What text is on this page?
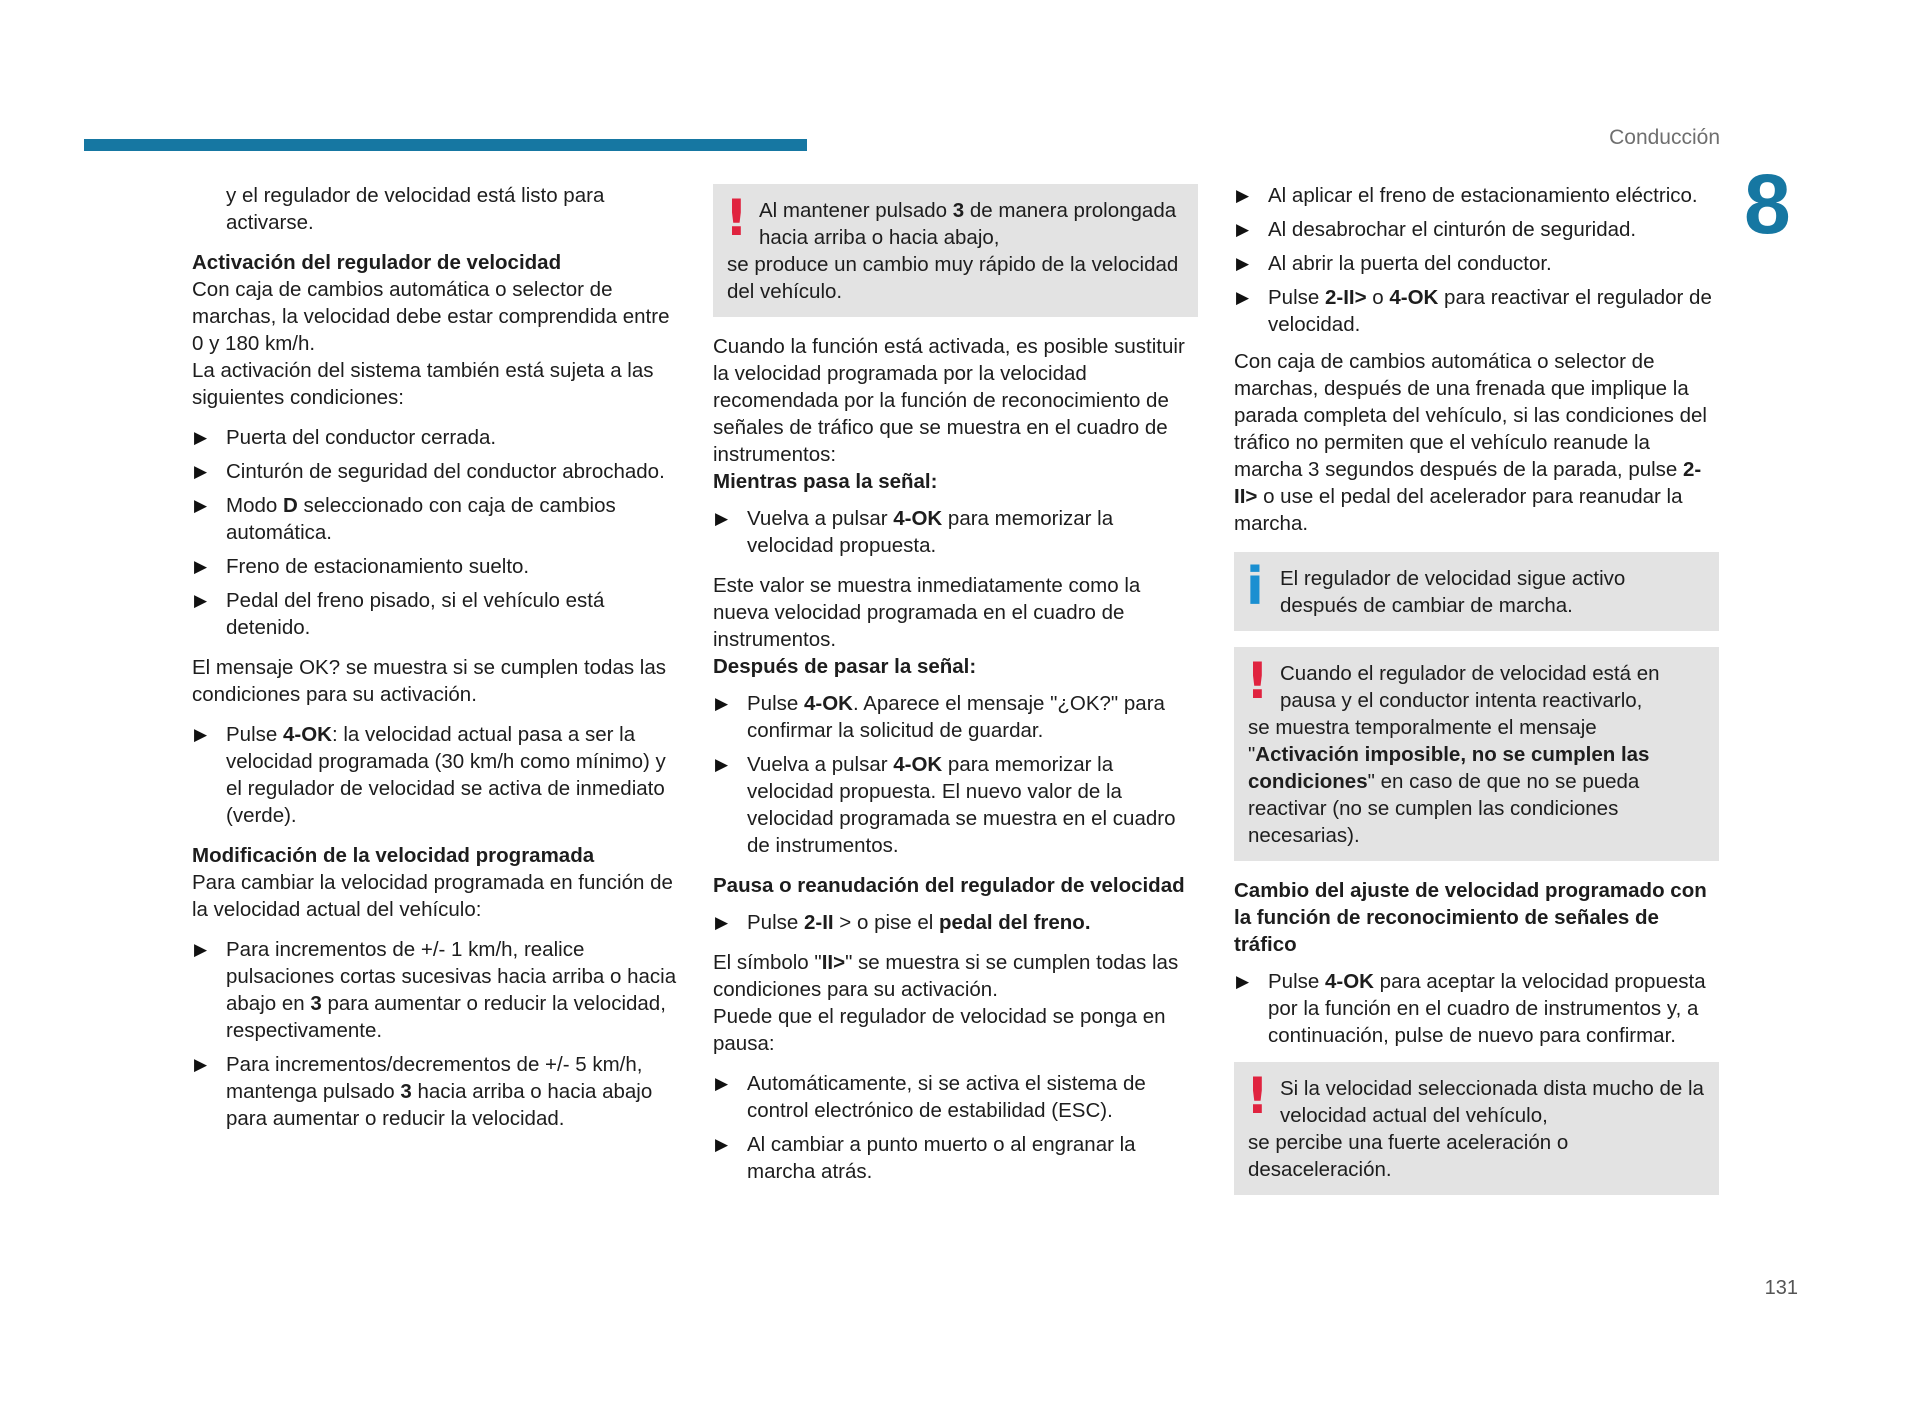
Conducción
8
131

y el regulador de velocidad está listo para activarse.

Activación del regulador de velocidad

Con caja de cambios automática o selector de marchas, la velocidad debe estar comprendida entre 0 y 180 km/h.

La activación del sistema también está sujeta a las siguientes condiciones:

▶ Puerta del conductor cerrada.
▶ Cinturón de seguridad del conductor abrochado.
▶ Modo D seleccionado con caja de cambios automática.
▶ Freno de estacionamiento suelto.
▶ Pedal del freno pisado, si el vehículo está detenido.

El mensaje OK? se muestra si se cumplen todas las condiciones para su activación.

▶ Pulse 4-OK: la velocidad actual pasa a ser la velocidad programada (30 km/h como mínimo) y el regulador de velocidad se activa de inmediato (verde).

Modificación de la velocidad programada

Para cambiar la velocidad programada en función de la velocidad actual del vehículo:

▶ Para incrementos de +/- 1 km/h, realice pulsaciones cortas sucesivas hacia arriba o hacia abajo en 3 para aumentar o reducir la velocidad, respectivamente.
▶ Para incrementos/decrementos de +/- 5 km/h, mantenga pulsado 3 hacia arriba o hacia abajo para aumentar o reducir la velocidad.
! Al mantener pulsado 3 de manera prolongada hacia arriba o hacia abajo,

se produce un cambio muy rápido de la velocidad del vehículo.

Cuando la función está activada, es posible sustituir la velocidad programada por la velocidad recomendada por la función de reconocimiento de señales de tráfico que se muestra en el cuadro de instrumentos:

Mientras pasa la señal:

▶ Vuelva a pulsar 4-OK para memorizar la velocidad propuesta.

Este valor se muestra inmediatamente como la nueva velocidad programada en el cuadro de instrumentos.

Después de pasar la señal:

▶ Pulse 4-OK. Aparece el mensaje "¿OK?" para confirmar la solicitud de guardar.
▶ Vuelva a pulsar 4-OK para memorizar la velocidad propuesta. El nuevo valor de la velocidad programada se muestra en el cuadro de instrumentos.

Pausa o reanudación del regulador de velocidad

▶ Pulse 2-II > o pise el pedal del freno.

El símbolo "II>" se muestra si se cumplen todas las condiciones para su activación.

Puede que el regulador de velocidad se ponga en pausa:

▶ Automáticamente, si se activa el sistema de control electrónico de estabilidad (ESC).
▶ Al cambiar a punto muerto o al engranar la marcha atrás.
▶ Al aplicar el freno de estacionamiento eléctrico.
▶ Al desabrochar el cinturón de seguridad.
▶ Al abrir la puerta del conductor.
▶ Pulse 2-II> o 4-OK para reactivar el regulador de velocidad.

Con caja de cambios automática o selector de marchas, después de una frenada que implique la parada completa del vehículo, si las condiciones del tráfico no permiten que el vehículo reanude la marcha 3 segundos después de la parada, pulse 2-II> o use el pedal del acelerador para reanudar la marcha.

i El regulador de velocidad sigue activo después de cambiar de marcha.

! Cuando el regulador de velocidad está en pausa y el conductor intenta reactivarlo,

se muestra temporalmente el mensaje "Activación imposible, no se cumplen las condiciones" en caso de que no se pueda reactivar (no se cumplen las condiciones necesarias).

Cambio del ajuste de velocidad programado con la función de reconocimiento de señales de tráfico

▶ Pulse 4-OK para aceptar la velocidad propuesta por la función en el cuadro de instrumentos y, a continuación, pulse de nuevo para confirmar.
! Si la velocidad seleccionada dista mucho de la velocidad actual del vehículo,

se percibe una fuerte aceleración o desaceleración.
